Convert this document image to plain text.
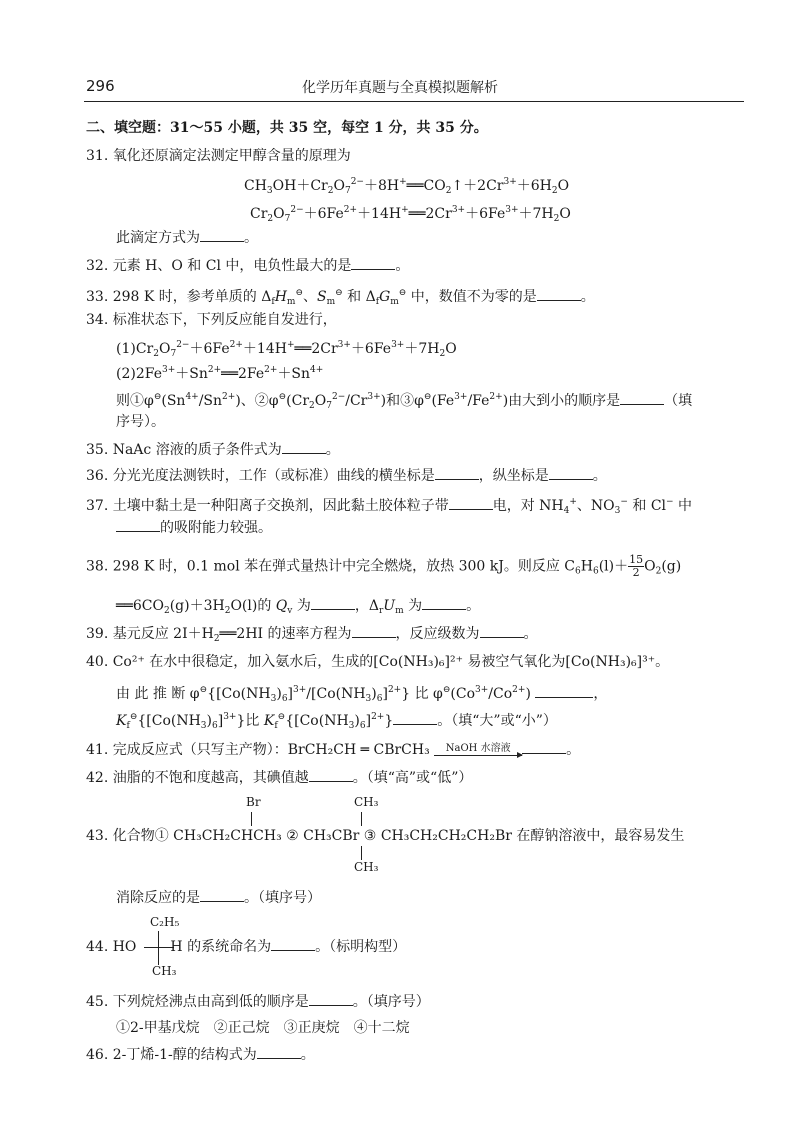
296	化学历年真题与全真模拟题解析
二、填空题：31～55 小题，共 35 空，每空 1 分，共 35 分。
31. 氧化还原滴定法测定甲醇含量的原理为
$CH_3OH+Cr_2O_7^{2-}+8H^+══CO_2↑+2Cr^{3+}+6H_2O$
$Cr_2O_7^{2-}+6Fe^{2+}+14H^+══2Cr^{3+}+6Fe^{3+}+7H_2O$
此滴定方式为	。
32. 元素 H、O 和 Cl 中，电负性最大的是	。
33. 298 K 时，参考单质的 $\Delta_fH_m^⊖$、$S_m^⊖$ 和 $\Delta_fG_m^⊖$ 中，数值不为零的是	。
34. 标准状态下，下列反应能自发进行，
$(1)Cr_2O_7^{2-}+6Fe^{2+}+14H^+══2Cr^{3+}+6Fe^{3+}+7H_2O$
$(2)2Fe^{3+}+Sn^{2+}══2Fe^{2+}+Sn^{4+}$
则$①\varphi^⊖(Sn^{4+}/Sn^{2+})$、$②\varphi^⊖(Cr_2O_7^{2-}/Cr^{3+})$和$③\varphi^⊖(Fe^{3+}/Fe^{2+})$由大到小的顺序是	（填
序号）。
35. NaAc 溶液的质子条件式为	。
36. 分光光度法测铁时，工作（或标准）曲线的横坐标是	，纵坐标是	。
37. 土壤中黏土是一种阳离子交换剂，因此黏土胶体粒子带	电，对 $NH_4^+$、$NO_3^-$ 和 Cl− 中
的吸附能力较强。
38. 298 K 时，0.1 mol 苯在弹式量热计中完全燃烧，放热 300 kJ。则反应 $C_6H_6(l)+ \frac{15}{2} O_2(g)$
$══6CO_2(g)+3H_2O(l)$的 $Q_v$ 为	，$\Delta_rU_m$ 为	。
39. 基元反应 $2I+H_2══2HI$ 的速率方程为	，反应级数为	。
40. Co²⁺ 在水中很稳定，加入氨水后，生成的[Co(NH₃)₆]²⁺ 易被空气氧化为[Co(NH₃)₆]³⁺。
由 此 推 断 $\varphi^⊖\{[Co(NH_3)_6]^{3+}/[Co(NH_3)_6]^{2+}\}$ 比 $\varphi^⊖(Co^{3+}/Co^{2+})$	，
$K_f^⊖\{[Co(NH_3)_6]^{3+}\}$比 $K_f^⊖\{[Co(NH_3)_6]^{2+}\}$	。（填“大”或“小”）
41. 完成反应式（只写主产物）：BrCH₂CH ═ CBrCH₃	NaOH 水溶液	。
42. 油脂的不饱和度越高，其碘值越	。（填“高”或“低”）
Br	CH₃
43. 化合物① CH₃CH₂CHCH₃ ② CH₃CBr ③ CH₃CH₂CH₂CH₂Br 在醇钠溶液中，最容易发生
CH₃
消除反应的是	。（填序号）
C₂H₅
44. HO H 的系统命名为	。（标明构型）
CH₃
45. 下列烷烃沸点由高到低的顺序是	。（填序号）
①2-甲基戊烷　②正己烷　③正庚烷　④十二烷
46. 2-丁烯-1-醇的结构式为	。
